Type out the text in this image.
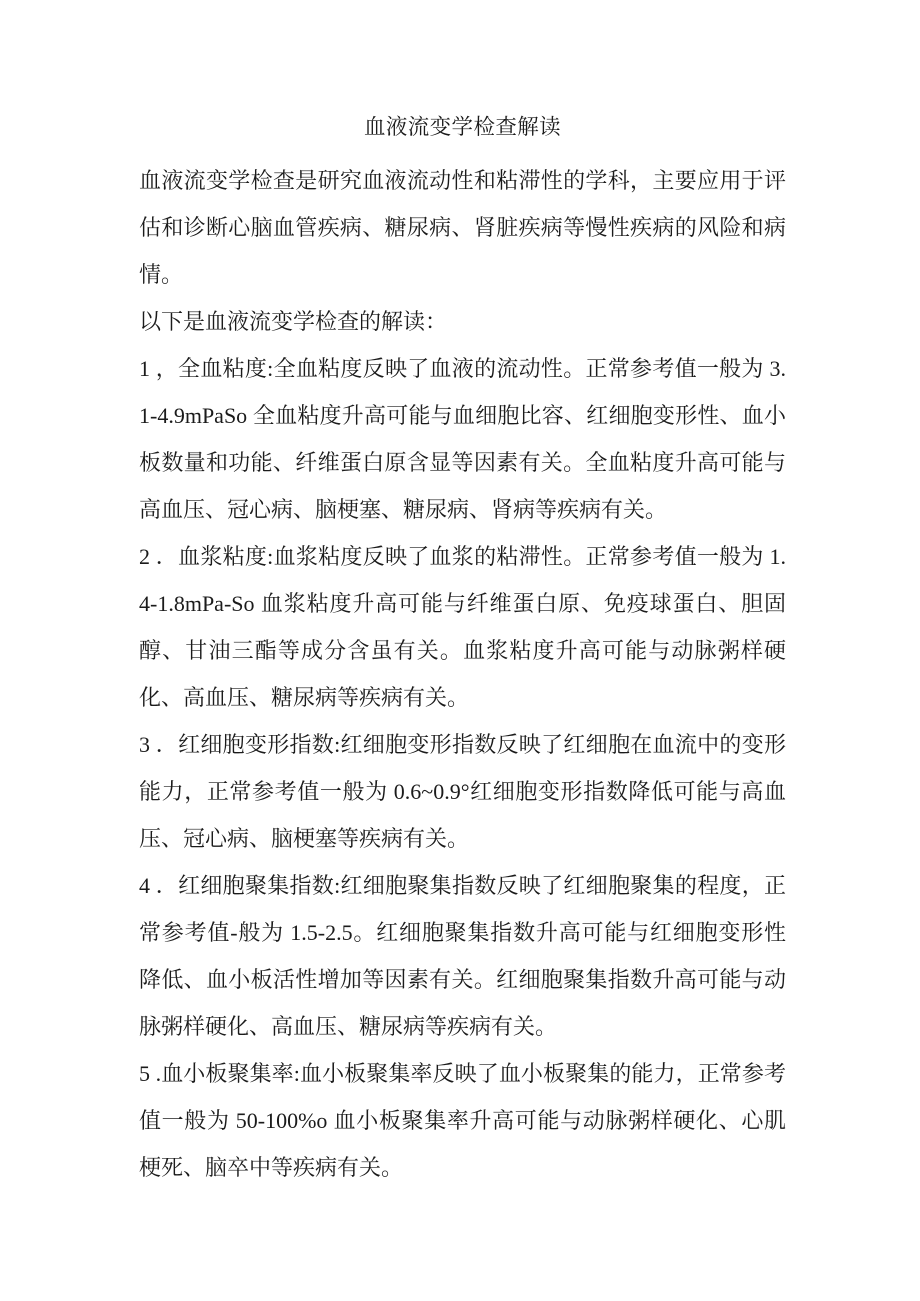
血液流变学检查解读

血液流变学检查是研究血液流动性和粘滞性的学科，主要应用于评估和诊断心脑血管疾病、糖尿病、肾脏疾病等慢性疾病的风险和病情。

以下是血液流变学检查的解读：

1 ，全血粘度:全血粘度反映了血液的流动性。正常参考值一般为 3.1-4.9mPaSo 全血粘度升高可能与血细胞比容、红细胞变形性、血小板数量和功能、纤维蛋白原含显等因素有关。全血粘度升高可能与高血压、冠心病、脑梗塞、糖尿病、肾病等疾病有关。

2 ．血浆粘度:血浆粘度反映了血浆的粘滞性。正常参考值一般为 1.4-1.8mPa-So 血浆粘度升高可能与纤维蛋白原、免疫球蛋白、胆固醇、甘油三酯等成分含虽有关。血浆粘度升高可能与动脉粥样硬化、高血压、糖尿病等疾病有关。

3 ．红细胞变形指数:红细胞变形指数反映了红细胞在血流中的变形能力，正常参考值一般为 0.6~0.9°红细胞变形指数降低可能与高血压、冠心病、脑梗塞等疾病有关。

4 ．红细胞聚集指数:红细胞聚集指数反映了红细胞聚集的程度，正常参考值-般为 1.5-2.5。红细胞聚集指数升高可能与红细胞变形性降低、血小板活性增加等因素有关。红细胞聚集指数升高可能与动脉粥样硬化、高血压、糖尿病等疾病有关。

5 .血小板聚集率:血小板聚集率反映了血小板聚集的能力，正常参考值一般为 50-100%o 血小板聚集率升高可能与动脉粥样硬化、心肌梗死、脑卒中等疾病有关。
